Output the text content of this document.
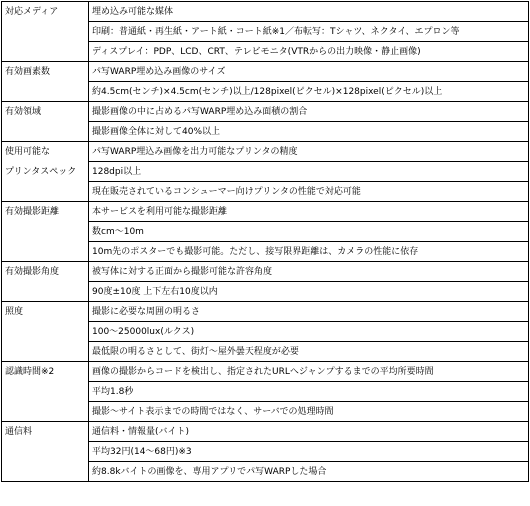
対応メディア	埋め込み可能な媒体
	印刷：普通紙・再生紙・アート紙・コート紙※1／布転写：Tシャツ、ネクタイ、エプロン等
	ディスプレイ：PDP、LCD、CRT、テレビモニタ(VTRからの出力映像・静止画像)

有効画素数	パ写WARP埋め込み画像のサイズ
	約4.5cm(センチ)×4.5cm(センチ)以上/128pixel(ピクセル)×128pixel(ピクセル)以上

有効領域	撮影画像の中に占めるパ写WARP埋め込み面積の割合
	撮影画像全体に対して40%以上

使用可能な
プリンタスペック	パ写WARP埋込み画像を出力可能なプリンタの精度
	128dpi以上
	現在販売されているコンシューマー向けプリンタの性能で対応可能

有効撮影距離	本サービスを利用可能な撮影距離
	数cm～10m
	10m先のポスターでも撮影可能。ただし、接写限界距離は、カメラの性能に依存

有効撮影角度	被写体に対する正面から撮影可能な許容角度
	90度±10度 上下左右10度以内

照度	撮影に必要な周囲の明るさ
	100～25000lux(ルクス)
	最低限の明るさとして、街灯～屋外曇天程度が必要

認識時間※2	画像の撮影からコードを検出し、指定されたURLへジャンプするまでの平均所要時間
	平均1.8秒
	撮影～サイト表示までの時間ではなく、サーバでの処理時間

通信料	通信料・情報量(バイト)
	平均32円(14～68円)※3
	約8.8kバイトの画像を、専用アプリでパ写WARPした場合
